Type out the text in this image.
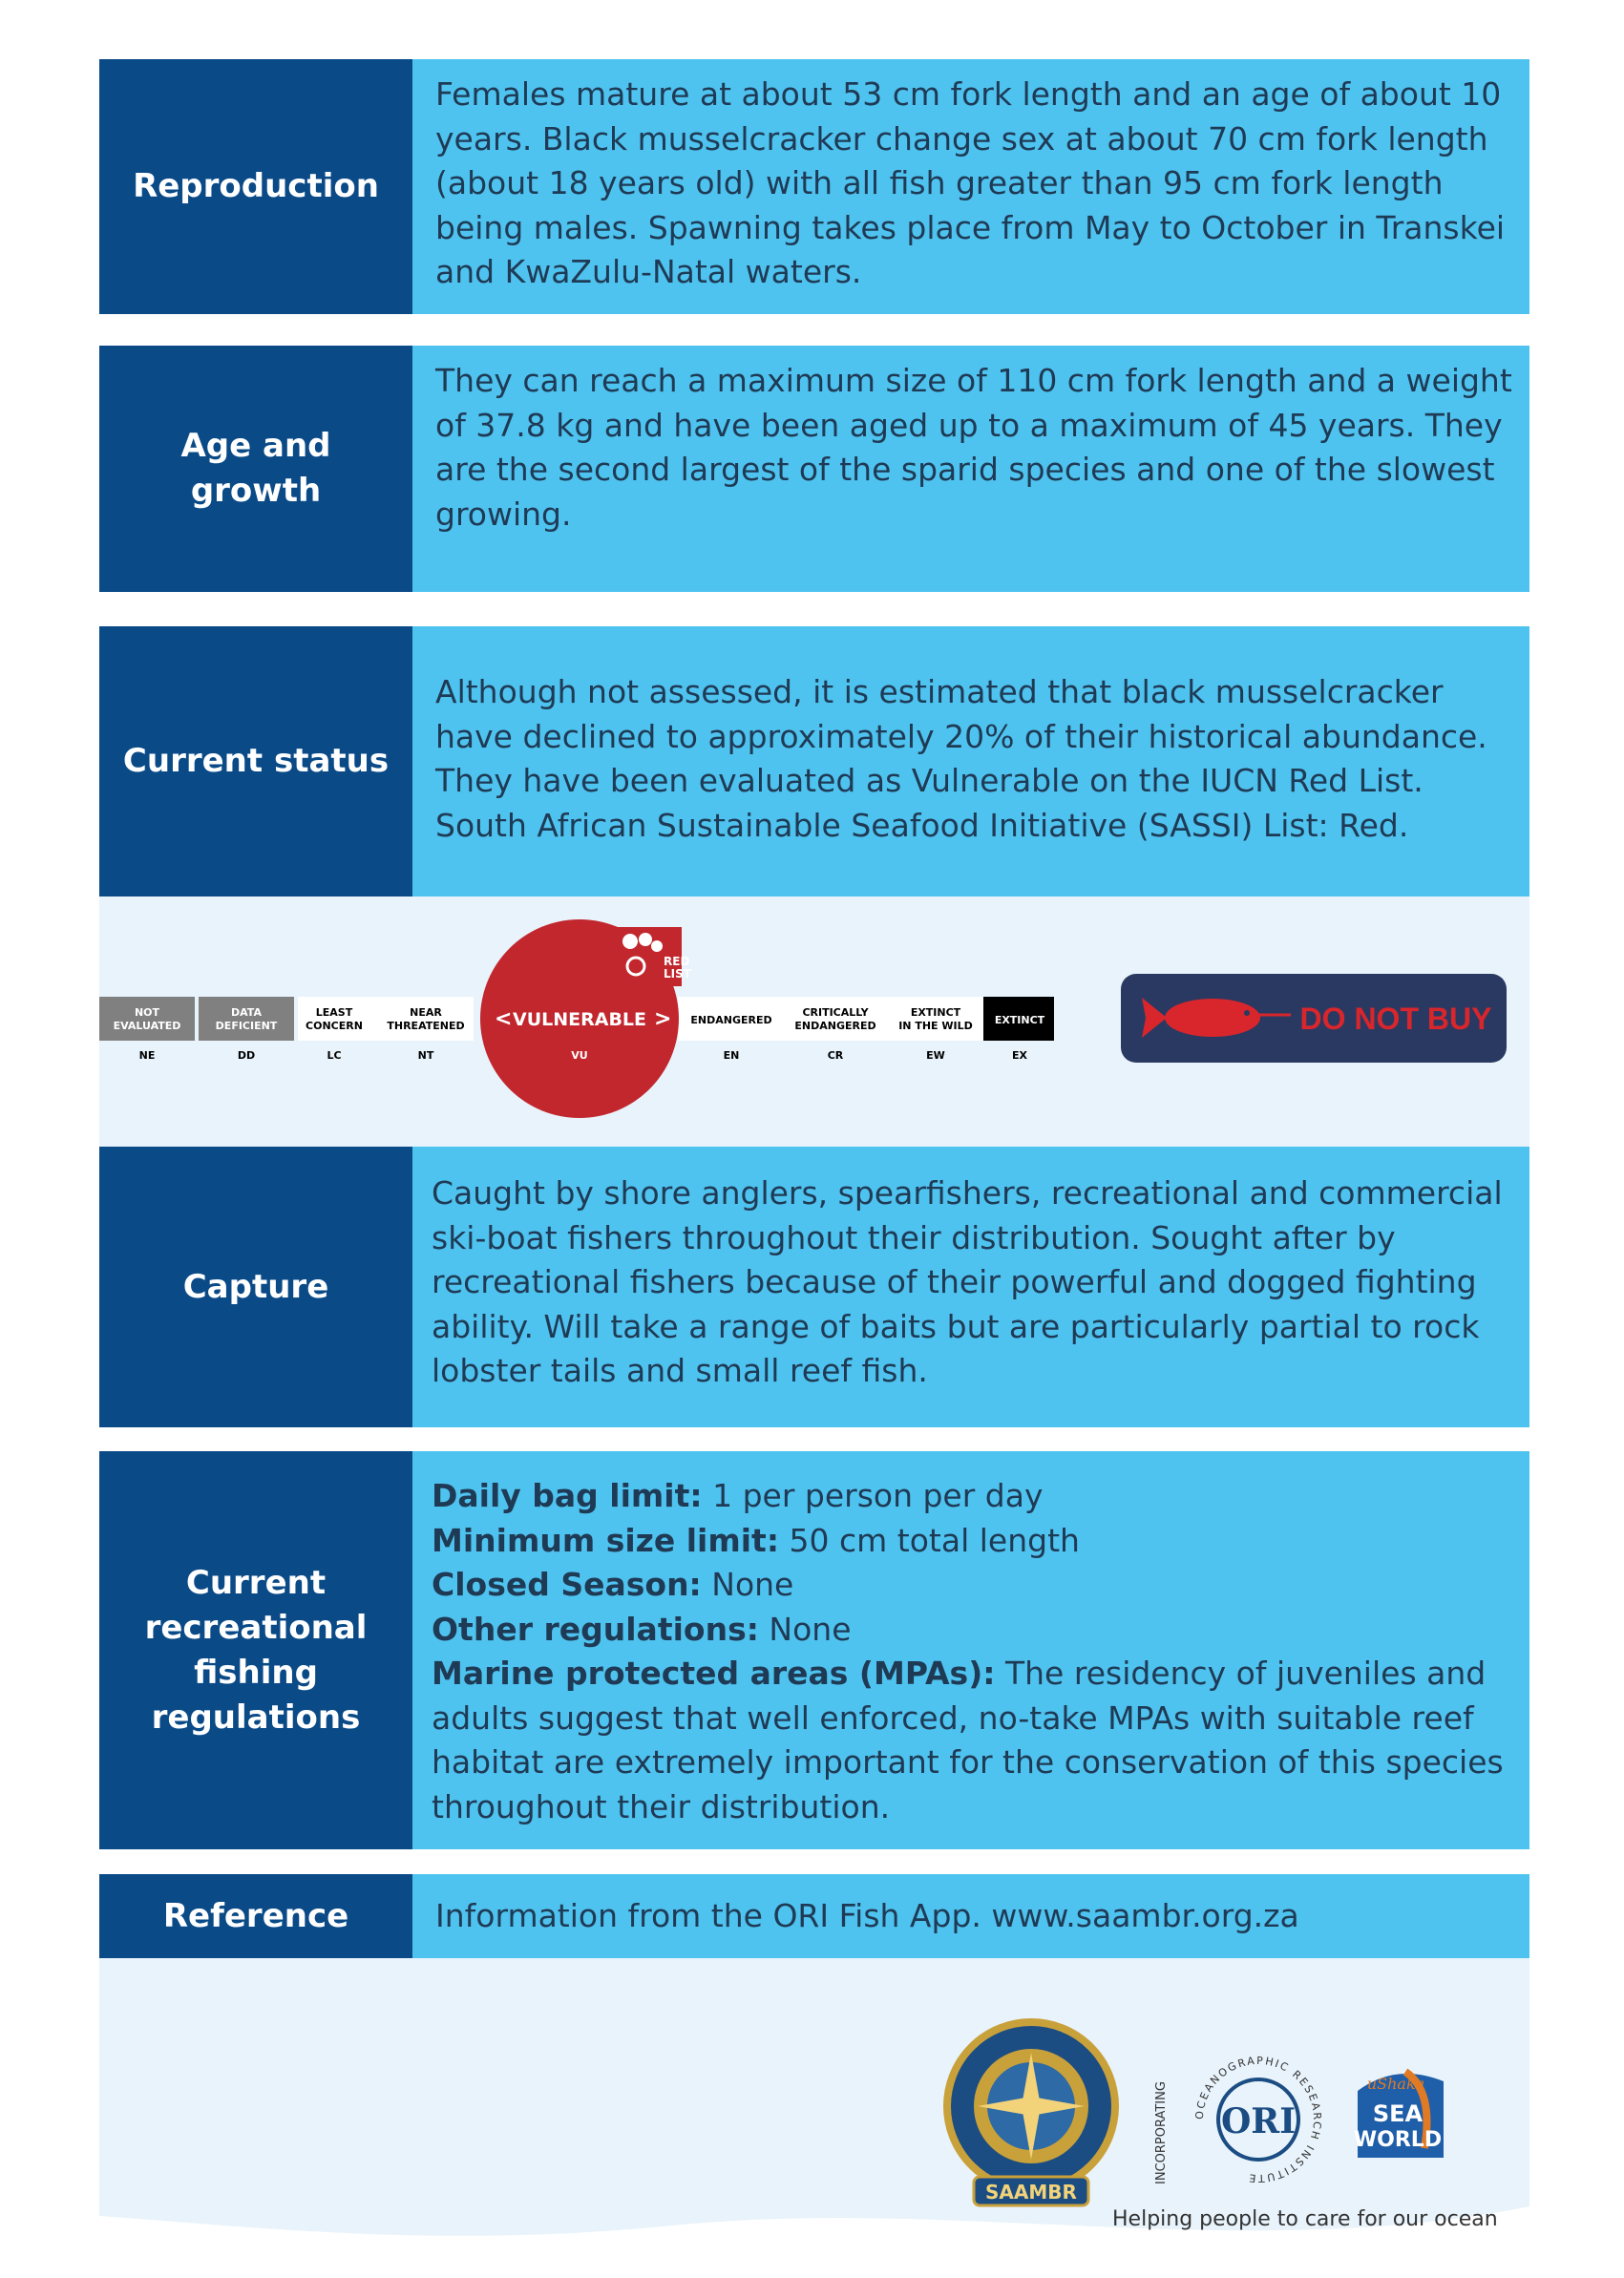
Reproduction

Females mature at about 53 cm fork length and an age of about 10 years. Black musselcracker change sex at about 70 cm fork length (about 18 years old) with all fish greater than 95 cm fork length being males. Spawning takes place from May to October in Transkei and KwaZulu-Natal waters.

Age and growth

They can reach a maximum size of 110 cm fork length and a weight of 37.8 kg and have been aged up to a maximum of 45 years. They are the second largest of the sparid species and one of the slowest growing.

Current status

Although not assessed, it is estimated that black musselcracker have declined to approximately 20% of their historical abundance. They have been evaluated as Vulnerable on the IUCN Red List.

South African Sustainable Seafood Initiative (SASSI) List: Red.

RED
LIST
NOT
EVALUATED
DATA
DEFICIENT
LEAST
CONCERN
NEAR
THREATENED	VULNERABLE	ENDANGERED
CRITICALLY
ENDANGERED
EXTINCT
IN THE WILD EXTINCT
<	>
NE	DD	LC	NT	VU	EN	CR	EW	EX
DO NOT BUY
Capture

Caught by shore anglers, spearfishers, recreational and commercial ski-boat fishers throughout their distribution. Sought after by recreational fishers because of their powerful and dogged fighting ability. Will take a range of baits but are particularly partial to rock lobster tails and small reef fish.

Current
recreational
fishing
regulations

Daily bag limit: 1 per person per day

Minimum size limit: 50 cm total length

Closed Season: None

Other regulations: None

Marine protected areas (MPAs): The residency of juveniles and adults suggest that well enforced, no-take MPAs with suitable reef habitat are extremely important for the conservation of this species throughout their distribution.

Reference	Information from the ORI Fish App. www.saambr.org.za

SAAMBR
INCORPORATING ORI
OCEANOGRAPHIC RESEARCH INSTITUTE
uShaka
SEA
WORLD
Helping people to care for our ocean
